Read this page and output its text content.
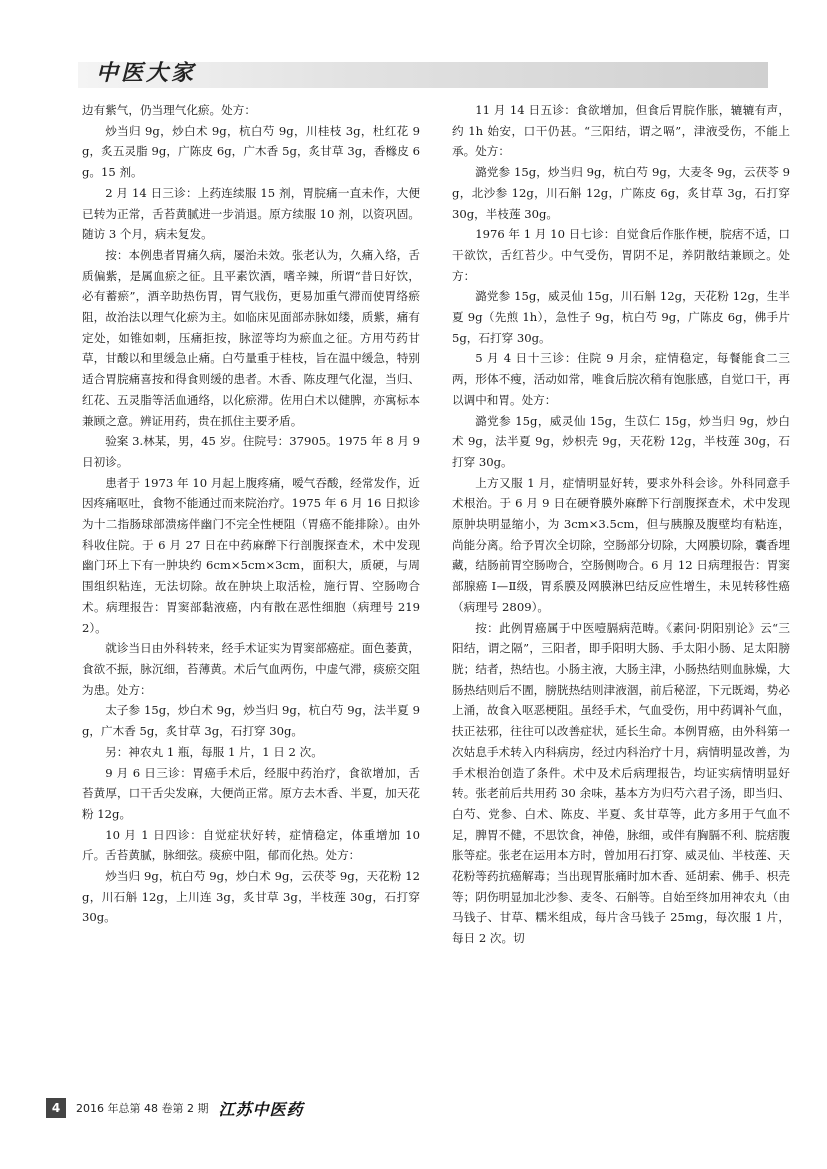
中医大家

边有紫气，仍当理气化瘀。处方：

炒当归 9g，炒白术 9g，杭白芍 9g，川桂枝 3g，杜红花 9g，炙五灵脂 9g，广陈皮 6g，广木香 5g，炙甘草 3g，香橼皮 6g。15 剂。

2 月 14 日三诊：上药连续服 15 剂，胃脘痛一直未作，大便已转为正常，舌苔黄腻进一步消退。原方续服 10 剂，以资巩固。随访 3 个月，病未复发。

按：本例患者胃痛久病，屡治未效。张老认为，久痛入络，舌质偏紫，是属血瘀之征。且平素饮酒，嗜辛辣，所谓“昔日好饮，必有蓄瘀”，酒辛助热伤胃，胃气戕伤，更易加重气滞而使胃络瘀阻，故治法以理气化瘀为主。如临床见面部赤脉如缕，质紫，痛有定处，如锥如刺，压痛拒按，脉涩等均为瘀血之征。方用芍药甘草，甘酸以和里缓急止痛。白芍量重于桂枝，旨在温中缓急，特别适合胃脘痛喜按和得食则缓的患者。木香、陈皮理气化湿，当归、红花、五灵脂等活血通络，以化瘀滞。佐用白术以健脾，亦寓标本兼顾之意。辨证用药，贵在抓住主要矛盾。

验案 3.林某，男，45 岁。住院号：37905。1975 年 8 月 9 日初诊。

患者于 1973 年 10 月起上腹疼痛，嗳气吞酸，经常发作，近因疼痛呕吐，食物不能通过而来院治疗。1975 年 6 月 16 日拟诊为十二指肠球部溃疡伴幽门不完全性梗阻（胃癌不能排除）。由外科收住院。于 6 月 27 日在中药麻醉下行剖腹探查术，术中发现幽门环上下有一肿块约 6cm×5cm×3cm，面积大，质硬，与周围组织粘连，无法切除。故在肿块上取活检，施行胃、空肠吻合术。病理报告：胃窦部黏液癌，内有散在恶性细胞（病理号 2192）。

就诊当日由外科转来，经手术证实为胃窦部癌症。面色萎黄，食欲不振，脉沉细，苔薄黄。术后气血两伤，中虚气滞，痰瘀交阻为患。处方：

太子参 15g，炒白术 9g，炒当归 9g，杭白芍 9g，法半夏 9g，广木香 5g，炙甘草 3g，石打穿 30g。

另：神农丸 1 瓶，每服 1 片，1 日 2 次。

9 月 6 日三诊：胃癌手术后，经服中药治疗，食欲增加，舌苔黄厚，口干舌尖发麻，大便尚正常。原方去木香、半夏，加天花粉 12g。

10 月 1 日四诊：自觉症状好转，症情稳定，体重增加 10 斤。舌苔黄腻，脉细弦。痰瘀中阻，郁而化热。处方：

炒当归 9g，杭白芍 9g，炒白术 9g，云茯苓 9g，天花粉 12g，川石斛 12g，上川连 3g，炙甘草 3g，半枝莲 30g，石打穿 30g。

11 月 14 日五诊：食欲增加，但食后胃脘作胀，辘辘有声，约 1h 始安，口干仍甚。“三阳结，谓之嗝”，津液受伤，不能上承。处方：

潞党参 15g，炒当归 9g，杭白芍 9g，大麦冬 9g，云茯苓 9g，北沙参 12g，川石斛 12g，广陈皮 6g，炙甘草 3g，石打穿 30g，半枝莲 30g。

1976 年 1 月 10 日七诊：自觉食后作胀作梗，脘痞不适，口干欲饮，舌红苔少。中气受伤，胃阴不足，养阴散结兼顾之。处方：

潞党参 15g，威灵仙 15g，川石斛 12g，天花粉 12g，生半夏 9g（先煎 1h），急性子 9g，杭白芍 9g，广陈皮 6g，佛手片 5g，石打穿 30g。

5 月 4 日十三诊：住院 9 月余，症情稳定，每餐能食二三两，形体不瘦，活动如常，唯食后脘次稍有饱胀感，自觉口干，再以调中和胃。处方：

潞党参 15g，威灵仙 15g，生苡仁 15g，炒当归 9g，炒白术 9g，法半夏 9g，炒枳壳 9g，天花粉 12g，半枝莲 30g，石打穿 30g。

上方又服 1 月，症情明显好转，要求外科会诊。外科同意手术根治。于 6 月 9 日在硬脊膜外麻醉下行剖腹探查术，术中发现原肿块明显缩小，为 3cm×3.5cm，但与胰腺及腹壁均有粘连，尚能分离。给予胃次全切除，空肠部分切除，大网膜切除，囊香埋藏，结肠前胃空肠吻合，空肠侧吻合。6 月 12 日病理报告：胃窦部腺癌 Ⅰ—Ⅱ级，胃系膜及网膜淋巴结反应性增生，未见转移性癌（病理号 2809）。

按：此例胃癌属于中医噎膈病范畴。《素问·阴阳别论》云“三阳结，谓之隔”，三阳者，即手阳明大肠、手太阳小肠、足太阳膀胱；结者，热结也。小肠主液，大肠主津，小肠热结则血脉燥，大肠热结则后不圊，膀胱热结则津液涸，前后秘涩，下元既竭，势必上涌，故食入呕恶梗阻。虽经手术，气血受伤，用中药调补气血，扶正祛邪，往往可以改善症状，延长生命。本例胃癌，由外科第一次姑息手术转入内科病房，经过内科治疗十月，病情明显改善，为手术根治创造了条件。术中及术后病理报告，均证实病情明显好转。张老前后共用药 30 余味，基本方为归芍六君子汤，即当归、白芍、党参、白术、陈皮、半夏、炙甘草等，此方多用于气血不足，脾胃不健，不思饮食，神倦，脉细，或伴有胸膈不利、脘痞腹胀等症。张老在运用本方时，曾加用石打穿、威灵仙、半枝莲、天花粉等药抗癌解毒；当出现胃胀痛时加木香、延胡索、佛手、枳壳等；阴伤明显加北沙参、麦冬、石斛等。自始至终加用神农丸（由马钱子、甘草、糯米组成，每片含马钱子 25mg，每次服 1 片，每日 2 次。切

4	2016 年总第 48 卷第 2 期 江苏中医药
